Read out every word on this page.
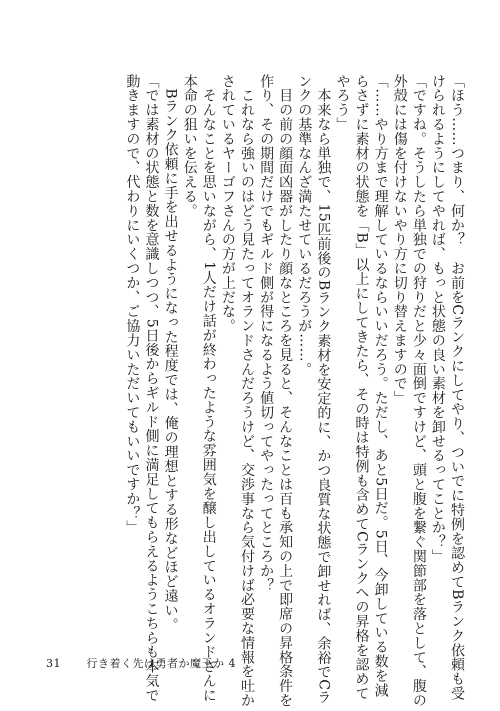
「ほう……つまり、何か？　お前をCランクにしてやり、ついでに特例を認めてBランク依頼も受
けられるようにしてやれば、もっと状態の良い素材を卸せるってことか？」
「ですね。そうしたら単独での狩りだと少々面倒ですけど、頭と腹を繋ぐ関節部を落として、腹の
外殻には傷を付けないやり方に切り替えますので」
「……やり方まで理解しているならいいだろう。ただし、あと5日だ。5日、今卸している数を減
らさずに素材の状態を「B」以上にしてきたら、その時は特例も含めてCランクへの昇格を認めて
やろう」
　本来なら単独で、15匹前後のBランク素材を安定的に、かつ良質な状態で卸せれば、余裕でCラ
ンクの基準なんざ満たせているだろうが……。
　目の前の顔面凶器がしたり顔なところを見ると、そんなことは百も承知の上で即席の昇格条件を
作り、その期間だけでもギルド側が得になるよう値切ってやったってところか？
　これなら強いのはどう見たってオランドさんだろうけど、交渉事なら気付けば必要な情報を吐か
されているヤーゴフさんの方が上だな。
　そんなことを思いながら、1人だけ話が終わったような雰囲気を醸し出しているオランドさんに
本命の狙いを伝える。
　Bランク依頼に手を出せるようになった程度では、俺の理想とする形などほど遠い。
「では素材の状態と数を意識しつつ、5日後からギルド側に満足してもらえるようこちらも本気で
動きますので、代わりにいくつか、ご協力いただいてもいいですか？」
31 行き着く先は勇者か魔王か 4
